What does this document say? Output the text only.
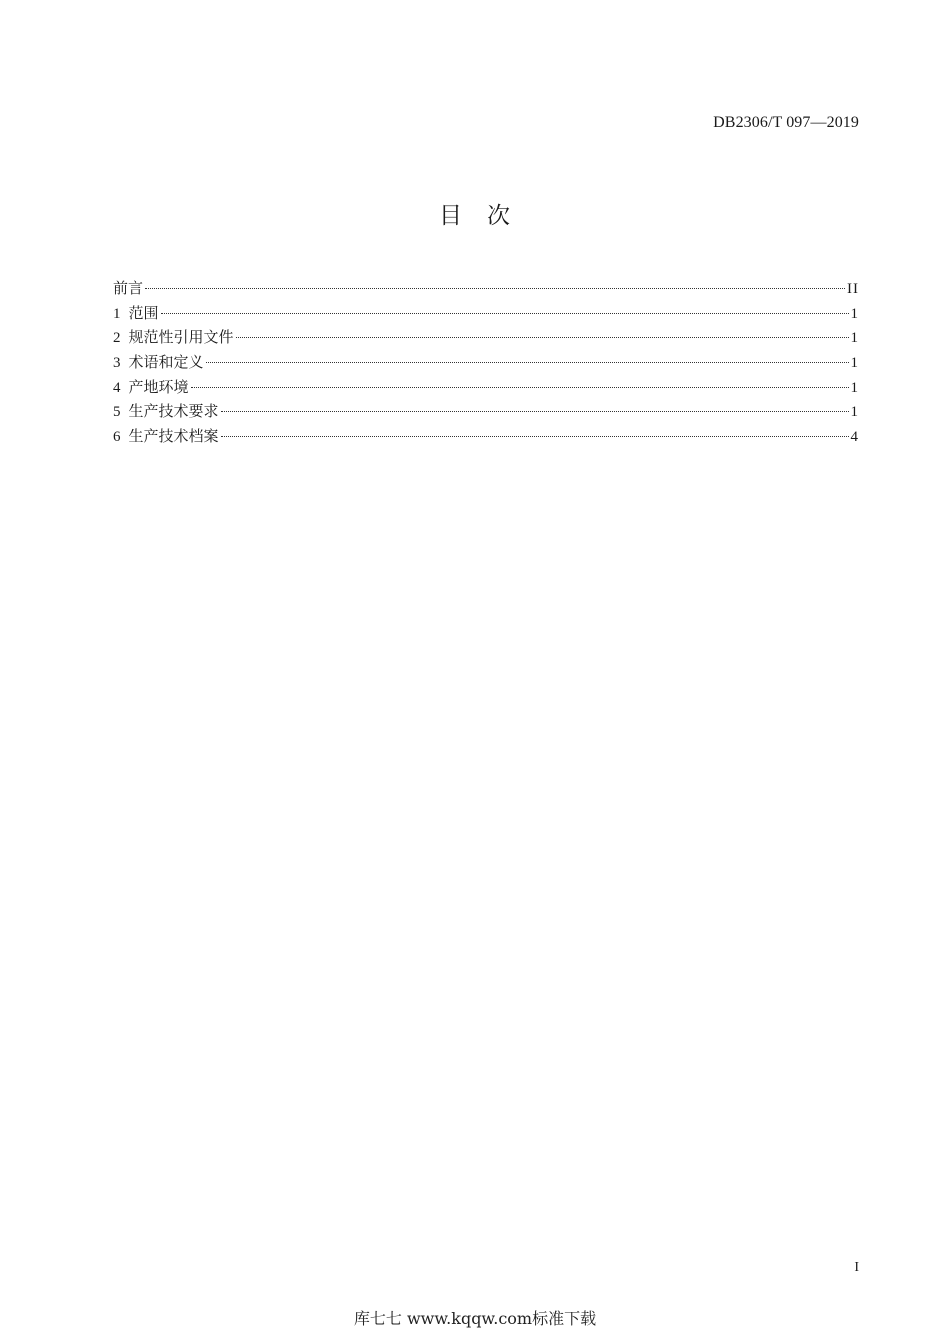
DB2306/T 097—2019
目　次
前言	II
1 范围	1
2 规范性引用文件	1
3 术语和定义	1
4 产地环境	1
5 生产技术要求	1
6 生产技术档案	4
I
库七七 www.kqqw.com标准下载
